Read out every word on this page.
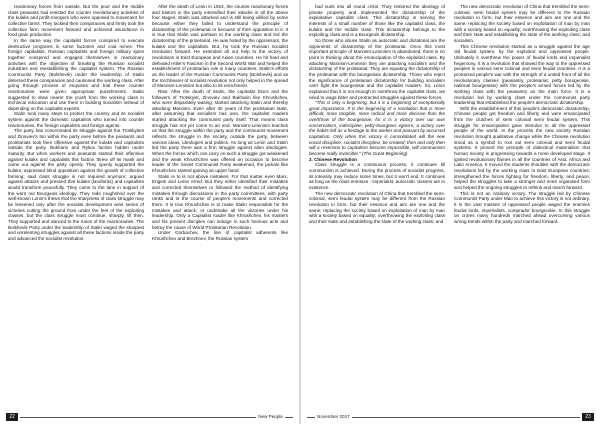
reactionary forces from outside. But the poor and the middle class peasants had resisted the counter revolutionary activities of the kulaks and profit-mongers who were opposed to movement for collective farms. They tackled their conspiracies and firmly took the collective farm movement forward and achieved abundance in food grain production.

In the same way the capitalist forces conspired to execute destructive programs in some factories and coal mines. The foreign capitalists, Russian capitalists and foreign military spies together conspired and engaged themselves in reactionary activities with the objective of breaking the Russian socialist industries and reestablishing the capitalist system. The Russian Communist Party (Bolshevik) under the leadership of Stalin detected these conspiracies and cautioned the working class. After going through process of enquiries and trial these counter reactionaries were given appropriate punishments. Stalin suggested to draw nearer the youth from the working class in technical education and use them in building socialism instead of depending on the capitalist experts.

Stalin took many steps to protect the country and its socialist system against the domestic capitalists who turned into counter reactionaries, the foreign capitalists and foreign agents.

The party has concentrated its struggle against the Trotskyites and Zinoviev's trio within the party even before the peasants and proletariats took their offensive against the kulaks and capitalists outside the party. Bukharin and Rykov faction hidden under maturity. But when workers and peasants started their offensive against kulaks and capitalists this faction threw off its mask and came out against the party openly. They openly supported the kulaks, expressed blind opposition against the growth of collective farming; said class struggle is not required anymore; argued against attacks and pressed that kulaks (landlords) and capitalists would transform peacefully. They came to the lane in support of the worn out Bourgeois ideology. They rode roughshod over the well-known Lenin's thesis that the sharpness of class struggle may be lessened only after the socialist development wins series of victories cutting the ground from under the feet of the exploiting classes, but the class struggle must continue, sharply, till then. They supported and danced to the tunes of the reactionaries. The Bolshevik Party under the leadership of Stalin waged the sharpest and unrelenting struggles against all these factions inside the party and advanced the socialist revolution.

After the death of Lenin in 1924, the counter reactionary forces and traitors in the party intensified their attacks in all the above four stages. Stalin was attacked and is still being vilified by some because either they failed to understand the principle of dictatorship of the proletariat or because of their opposition to it. It is true that Stalin was partisan to the working class and led the dictatorship of the proletariat. He was hated by the oppressors, the kulaks and the capitalists. But, he took the Russian socialist revolution forward. He extended all out help to the victory of revolutions in East European and Asian countries. He hit hard and defeated Hitler's Fascism in the Second World War and helped the establishment of proletarian rule in many countries. Stalin's efforts as the leader of the Russian Communist Party (Bolshevik) and as the torchbearer of socialist revolution not only helped in the spread of Marxism-Leninism but also to its enrichment.

Rise: After the death of Stalin, the capitalist blocs and the followers of Trotskyist, Zinoviev and Bukharin like Khrushchev, who were disparately waiting, started attacking Stalin and thereby attacking Marxism. Even after 40 years of the proletarian state, after assuming that socialism has won, the capitalist roaders started attacking the communist party itself. That means class struggle has not yet come to an end. Marxism-Leninism teaches us that the struggle within the party and the communist movement reflects the struggle in the society, outside the party, between various ideas, ideologies and politics. As long as Lenin and Stalin led the party there was a firm struggle against alien ideologies. When the forces which can carry on such a struggle got weakened and the weak Khrushchev was offered an occasion to become leader of the Soviet Communist Party weakened, the jackals like Khrushchev started gaining an upper hand.

Stalin is to is not above mistakes. For that matter even Marx, Engels and Lenin erred. But they either identified their mistakes and corrected themselves or followed the method of identifying mistakes through discussions in the party committees, with party ranks and in the course of people's movements and corrected them. It is true Khrushchev is to make Stalin responsible for the mistakes and attack, or undertake all the victories under his leadership. Only a Capitalist roader like Khrushchev, his masters and his present disciples can indulge in such heinous acts and betray the cause of World Proletarian Revolution.

Under Gorbachev, the line of capitalist adherents like Khrushchev and Brezhnev, the Russian system

22	New People

had sunk into all round crisis. They restored the ideology of private property and implemented the dictatorship of the exploitative capitalist class. This dictatorship is serving the interests of a small number of those like the capitalist class, the kulaks and the middle class. This dictatorship belongs to the exploiting class and is a Bourgeois dictatorship.

So those who abuse Stalin as autocratic and dictatorial are the opponents of dictatorship of the proletariat. Once this most important principle of Marxism-Leninism is abandoned, there is no point in thinking about the emancipation of the exploited class. By attacking Marxism-Leninism they are attacking socialism and the dictatorship of the proletariat. They are equating the dictatorship of the proletariat with the bourgeoisie dictatorship. Those who reject the significance of proletarian dictatorship for building socialism can't fight the bourgeoisie and the capitalist roaders. So, Lenin explained that it is not enough to overthrow the capitalist class, we need to wage bitter and protracted struggles against these forces.

"This is only a beginning, but it is a beginning of exceptionally great importance. It is the beginning of a revolution that is more difficult, more tangible, more radical and more decisive than the overthrow of the bourgeoisie, for it is a victory over our own conservatism, indiscipline, petty-bourgeois egoism, a victory over the habits left as a heritage to the worker and peasant by accursed capitalism. Only when this victory is consolidated will the new social discipline, socialist discipline, be created; then and only then will a reversion to capitalism become impossible, will communism become really invincible." (The Great Beginning)

2. Chinese Revolution

Class struggle is a continuous process, it continues till communism is achieved. During the process of socialist progress, its intensity may reduce some times, but it won't end. It continues as long as the class enemies - imperialist, autocratic classes are in existence.

The new democratic revolution of China that trembled the semi-colonial, semi feudal system may be different from the Russian revolution in form, but their essence and aim are one and the same; replacing the society based on exploitation of man by man with a society based on equality; overthrowing the exploiting class and their state and establishing the state of the working class; and

The new democratic revolution of China that trembled the semi-colonial, semi feudal system may be different to the Russian revolution in form, but their essence and aim are one and the same; replacing the society based on exploitation of man by man with a society based on equality; overthrowing the exploiting class and their state and establishing the state of the working class; and socialism.

This Chinese revolution started as a struggle against the age old feudal system, by the exploited and oppressed people. Ultimately it overthrew the power of feudal lords and imperialist hegemony. It is a revolution that showed the way to the oppressed peoples in various semi colonial and semi feudal countries. It is a protracted people's war with the strength of a united front of all the revolutionary classes (peasantry, proletariat, petty bourgeoisie, national bourgeoisie) with the people's armed forces led by the working class with the peasantry as the main force. It is a revolution led by working class under the communist party leadership that established the people's democratic dictatorship.

With the establishment of this people's democratic dictatorship, Chinese people got freedom and liberty and were emancipated from the clutches of semi colonial semi feudal system. This struggle for emancipation gave stimulus to all the oppressed people of the world. In the process the new society Russian revolution brought qualitative change while the Chinese revolution stood as a symbol to root out semi colonial and semi feudal systems. It proved the principle of dialectical materialism that human society is progressing towards a more developed stage. It ignited revolutionary flames in all the countries of Asia, Africa and Latin America. It moved the students shoulder with the democratic revolutions led by the working class in East European countries; strengthened the forces fighting for freedom, liberty, and peace; helped the struggles to take a stronger and more organised form and helped the ongoing struggles to rethink and march forward.

This is not an ordinary victory. The struggle led by Chinese Communist Party under Mao to achieve this victory is not ordinary. It is the vast masses of oppressed people waged the enemies feudal lords, imperialists, comprador bourgeoisie. In this struggle on crores many hundreds marched ahead overcoming various wrong trends within the party and marched forward.

November 2017	23
